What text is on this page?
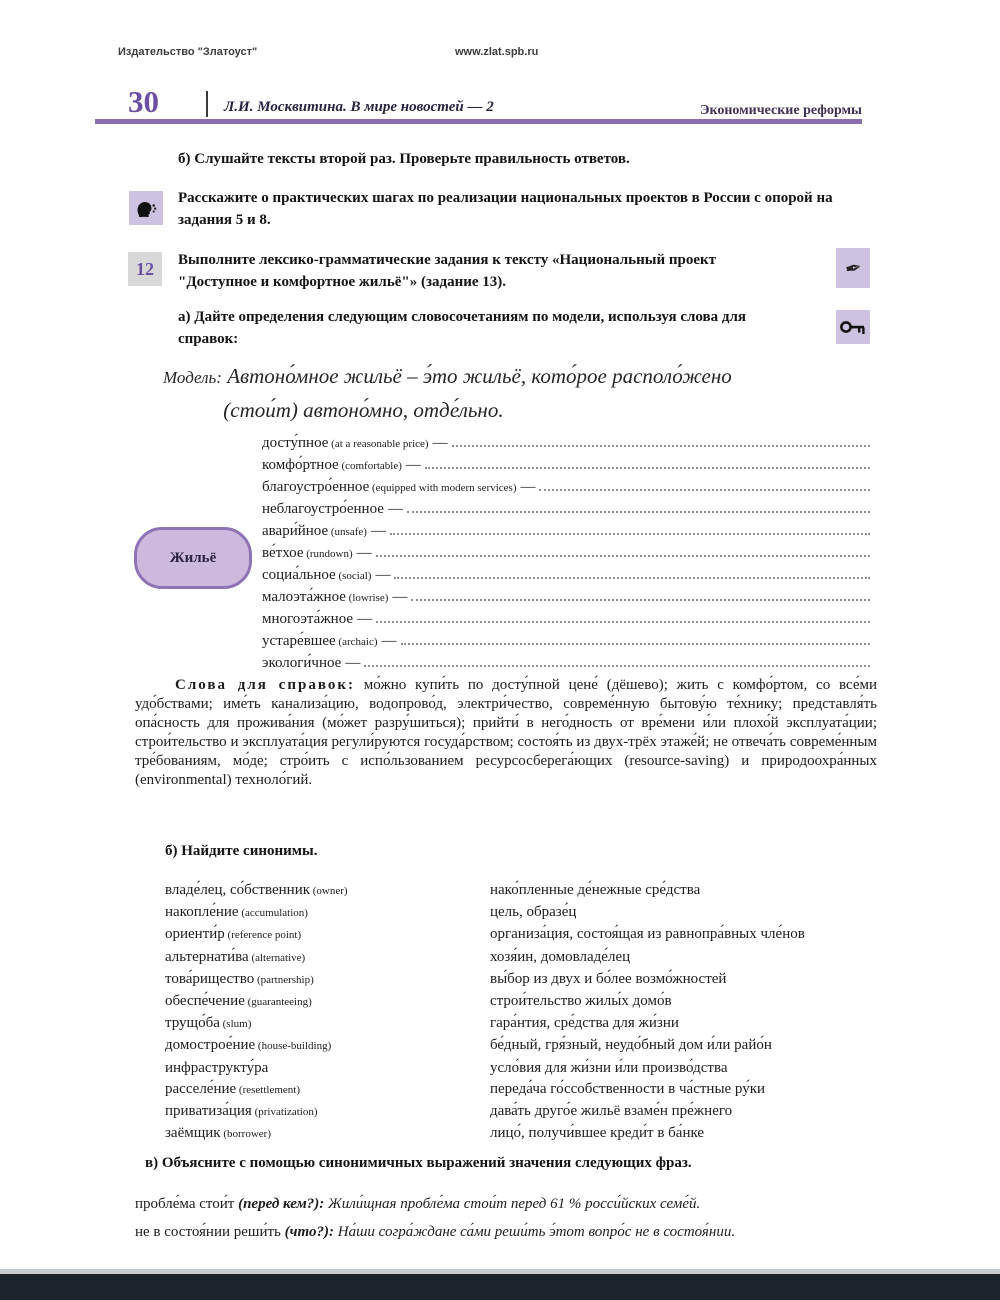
Издательство "Златоуст"	www.zlat.spb.ru
30	Л.И. Москвитина. В мире новостей — 2	Экономические реформы
б) Слушайте тексты второй раз. Проверьте правильность ответов.
Расскажите о практических шагах по реализации национальных проектов в России с опорой на задания 5 и 8.
12	Выполните лексико-грамматические задания к тексту «Национальный проект "Доступное и комфортное жильё"» (задание 13).
✒
а) Дайте определения следующим словосочетаниям по модели, используя слова для справок:
Модель: Автоно́мное жильё – э́то жильё, кото́рое располо́жено
(стои́т) автоно́мно, отде́льно.
досту́пное (at a reasonable price) —
комфо́ртное (comfortable) —
благоустро́енное (equipped with modern services) —
неблагоустро́енное —
авари́йное (unsafe) —
ве́тхое (rundown) —
социа́льное (social) —
малоэта́жное (lowrise) —
многоэта́жное —
устаре́вшее (archaic) —
экологи́чное —
Жильё
Слова для справок: мо́жно купи́ть по досту́пной цене́ (дёшево); жить с комфо́ртом, со все́ми удо́бствами; име́ть канализа́цию, водопрово́д, электри́чество, совреме́нную бытову́ю те́хнику; представля́ть опа́сность для прожива́ния (мо́жет разру́шиться); прийти́ в него́дность от вре́мени и́ли плохо́й эксплуата́ции; строи́тельство и эксплуата́ция регули́руются госуда́рством; состоя́ть из двух-трёх этаже́й; не отвеча́ть совреме́нным тре́бованиям, мо́де; стро́ить с испо́льзованием ресурсосберега́ющих (resource-saving) и природоохра́нных (environmental) техноло́гий.
б) Найдите синонимы.
владе́лец, со́бственник (owner)	нако́пленные де́нежные сре́дства
накопле́ние (accumulation)	цель, образе́ц
ориенти́р (reference point)	организа́ция, состоя́щая из равнопра́вных чле́нов
альтернати́ва (alternative)	хозя́ин, домовладе́лец
това́рищество (partnership)	вы́бор из двух и бо́лее возмо́жностей
обеспе́чение (guaranteeing)	строи́тельство жилы́х домо́в
трущо́ба (slum)	гара́нтия, сре́дства для жи́зни
домострое́ние (house-building)	бе́дный, гря́зный, неудо́бный дом и́ли райо́н
инфраструкту́ра	усло́вия для жи́зни и́ли произво́дства
расселе́ние (resettlement)	переда́ча го́ссобственности в ча́стные ру́ки
приватиза́ция (privatization)	дава́ть друго́е жильё взаме́н пре́жнего
заёмщик (borrower)	лицо́, получи́вшее креди́т в ба́нке
в) Объясните с помощью синонимичных выражений значения следующих фраз.
пробле́ма стои́т (перед кем?): Жили́щная пробле́ма стои́т перед 61 % росси́йских семе́й.
не в состоя́нии реши́ть (что?): На́ши согра́ждане са́ми реши́ть э́тот вопро́с не в состоя́нии.
